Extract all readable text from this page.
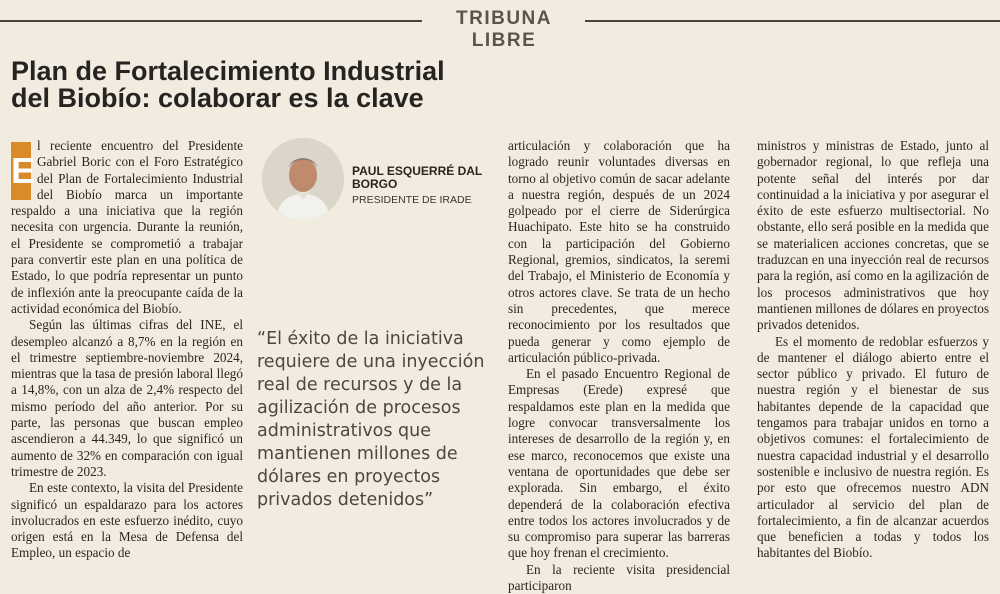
TRIBUNA LIBRE
Plan de Fortalecimiento Industrial del Biobío: colaborar es la clave

E
l reciente encuentro del Presidente Gabriel Boric con el Foro Estratégico del Plan de Fortalecimiento Industrial del Biobío marca un importante respaldo a una iniciativa que la región necesita con urgencia. Durante la reunión, el Presidente se comprometió a trabajar para convertir este plan en una política de Estado, lo que podría representar un punto de inflexión ante la preocupante caída de la actividad económica del Biobío.

Según las últimas cifras del INE, el desempleo alcanzó a 8,7% en la región en el trimestre septiembre-noviembre 2024, mientras que la tasa de presión laboral llegó a 14,8%, con un alza de 2,4% respecto del mismo período del año anterior. Por su parte, las personas que buscan empleo ascendieron a 44.349, lo que significó un aumento de 32% en comparación con igual trimestre de 2023.

En este contexto, la visita del Presidente significó un espaldarazo para los actores involucrados en este esfuerzo inédito, cuyo origen está en la Mesa de Defensa del Empleo, un espacio de

PAUL ESQUERRÉ DAL BORGO
PRESIDENTE DE IRADE

“El éxito de la iniciativa requiere de una inyección real de recursos y de la agilización de procesos administrativos que mantienen millones de dólares en proyectos privados detenidos”

articulación y colaboración que ha logrado reunir voluntades diversas en torno al objetivo común de sacar adelante a nuestra región, después de un 2024 golpeado por el cierre de Siderúrgica Huachipato. Este hito se ha construido con la participación del Gobierno Regional, gremios, sindicatos, la seremi del Trabajo, el Ministerio de Economía y otros actores clave. Se trata de un hecho sin precedentes, que merece reconocimiento por los resultados que pueda generar y como ejemplo de articulación público-privada.

En el pasado Encuentro Regional de Empresas (Erede) expresé que respaldamos este plan en la medida que logre convocar transversalmente los intereses de desarrollo de la región y, en ese marco, reconocemos que existe una ventana de oportunidades que debe ser explorada. Sin embargo, el éxito dependerá de la colaboración efectiva entre todos los actores involucrados y de su compromiso para superar las barreras que hoy frenan el crecimiento.

En la reciente visita presidencial participaron

ministros y ministras de Estado, junto al gobernador regional, lo que refleja una potente señal del interés por dar continuidad a la iniciativa y por asegurar el éxito de este esfuerzo multisectorial. No obstante, ello será posible en la medida que se materialicen acciones concretas, que se traduzcan en una inyección real de recursos para la región, así como en la agilización de los procesos administrativos que hoy mantienen millones de dólares en proyectos privados detenidos.

Es el momento de redoblar esfuerzos y de mantener el diálogo abierto entre el sector público y privado. El futuro de nuestra región y el bienestar de sus habitantes depende de la capacidad que tengamos para trabajar unidos en torno a objetivos comunes: el fortalecimiento de nuestra capacidad industrial y el desarrollo sostenible e inclusivo de nuestra región. Es por esto que ofrecemos nuestro ADN articulador al servicio del plan de fortalecimiento, a fin de alcanzar acuerdos que beneficien a todas y todos los habitantes del Biobío.
